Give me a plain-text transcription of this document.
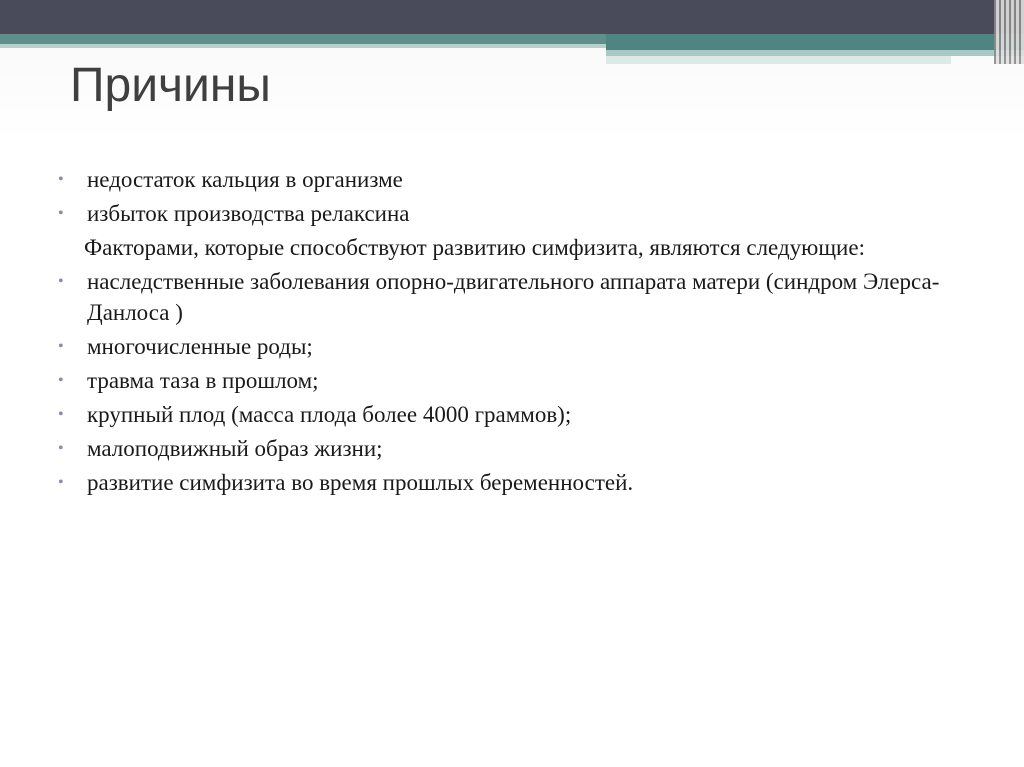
Причины
•	недостаток кальция в организме
•	избыток производства релаксина
Факторами, которые способствуют развитию симфизита, являются следующие:
•	наследственные заболевания опорно-двигательного аппарата матери (синдром Элерса-Данлоса )
•	многочисленные роды;
•	травма таза в прошлом;
•	крупный плод (масса плода более 4000 граммов);
•	малоподвижный образ жизни;
•	развитие симфизита во время прошлых беременностей.
